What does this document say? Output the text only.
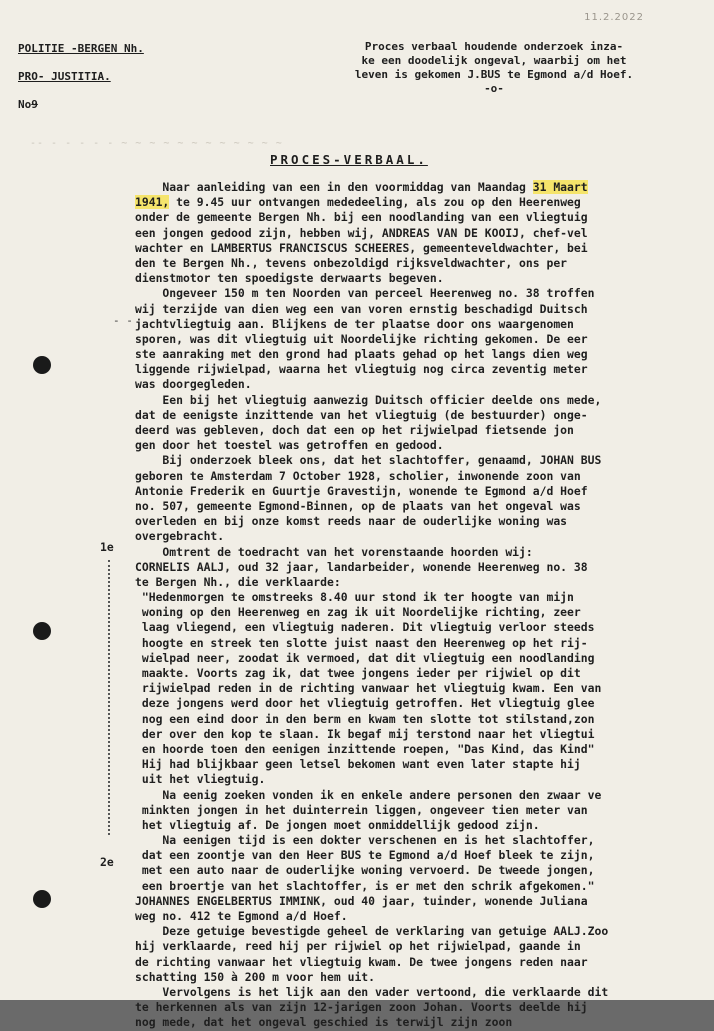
11.2.2022
POLITIE -BERGEN Nh.
PRO- JUSTITIA.
No9
Proces verbaal houdende onderzoek inza-
ke een doodelijk ongeval, waarbij om het
leven is gekomen J.BUS te Egmond a/d Hoef.
-o-
-- - - - - - ~ ~ ~ ~ ~ ~ ~ ~ ~ ~ ~ ~
PROCES-VERBAAL.
- -
1e
2e
Naar aanleiding van een in den voormiddag van Maandag 31 Maart
1941, te 9.45 uur ontvangen mededeeling, als zou op den Heerenweg
onder de gemeente Bergen Nh. bij een noodlanding van een vliegtuig
een jongen gedood zijn, hebben wij, ANDREAS VAN DE KOOIJ, chef-vel
wachter en LAMBERTUS FRANCISCUS SCHEERES, gemeenteveldwachter, bei
den te Bergen Nh., tevens onbezoldigd rijksveldwachter, ons per
dienstmotor ten spoedigste derwaarts begeven.
Ongeveer 150 m ten Noorden van perceel Heerenweg no. 38 troffen
wij terzijde van dien weg een van voren ernstig beschadigd Duitsch
jachtvliegtuig aan. Blijkens de ter plaatse door ons waargenomen
sporen, was dit vliegtuig uit Noordelijke richting gekomen. De eer
ste aanraking met den grond had plaats gehad op het langs dien weg
liggende rijwielpad, waarna het vliegtuig nog circa zeventig meter
was doorgegleden.
Een bij het vliegtuig aanwezig Duitsch officier deelde ons mede,
dat de eenigste inzittende van het vliegtuig (de bestuurder) onge-
deerd was gebleven, doch dat een op het rijwielpad fietsende jon
gen door het toestel was getroffen en gedood.
Bij onderzoek bleek ons, dat het slachtoffer, genaamd, JOHAN BUS
geboren te Amsterdam 7 October 1928, scholier, inwonende zoon van
Antonie Frederik en Guurtje Gravestijn, wonende te Egmond a/d Hoef
no. 507, gemeente Egmond-Binnen, op de plaats van het ongeval was
overleden en bij onze komst reeds naar de ouderlijke woning was
overgebracht.
Omtrent de toedracht van het vorenstaande hoorden wij:
CORNELIS AALJ, oud 32 jaar, landarbeider, wonende Heerenweg no. 38
te Bergen Nh., die verklaarde:
"Hedenmorgen te omstreeks 8.40 uur stond ik ter hoogte van mijn
woning op den Heerenweg en zag ik uit Noordelijke richting, zeer
laag vliegend, een vliegtuig naderen. Dit vliegtuig verloor steeds
hoogte en streek ten slotte juist naast den Heerenweg op het rij-
wielpad neer, zoodat ik vermoed, dat dit vliegtuig een noodlanding
maakte. Voorts zag ik, dat twee jongens ieder per rijwiel op dit
rijwielpad reden in de richting vanwaar het vliegtuig kwam. Een van
deze jongens werd door het vliegtuig getroffen. Het vliegtuig glee
nog een eind door in den berm en kwam ten slotte tot stilstand,zon
der over den kop te slaan. Ik begaf mij terstond naar het vliegtui
en hoorde toen den eenigen inzittende roepen, "Das Kind, das Kind"
Hij had blijkbaar geen letsel bekomen want even later stapte hij
uit het vliegtuig.
Na eenig zoeken vonden ik en enkele andere personen den zwaar ve
minkten jongen in het duinterrein liggen, ongeveer tien meter van
het vliegtuig af. De jongen moet onmiddellijk gedood zijn.
Na eenigen tijd is een dokter verschenen en is het slachtoffer,
dat een zoontje van den Heer BUS te Egmond a/d Hoef bleek te zijn,
met een auto naar de ouderlijke woning vervoerd. De tweede jongen,
een broertje van het slachtoffer, is er met den schrik afgekomen."
JOHANNES ENGELBERTUS IMMINK, oud 40 jaar, tuinder, wonende Juliana
weg no. 412 te Egmond a/d Hoef.
Deze getuige bevestigde geheel de verklaring van getuige AALJ.Zoo
hij verklaarde, reed hij per rijwiel op het rijwielpad, gaande in
de richting vanwaar het vliegtuig kwam. De twee jongens reden naar
schatting 150 à 200 m voor hem uit.
Vervolgens is het lijk aan den vader vertoond, die verklaarde dit
te herkennen als van zijn 12-jarigen zoon Johan. Voorts deelde hij
nog mede, dat het ongeval geschied is terwijl zijn zoon
